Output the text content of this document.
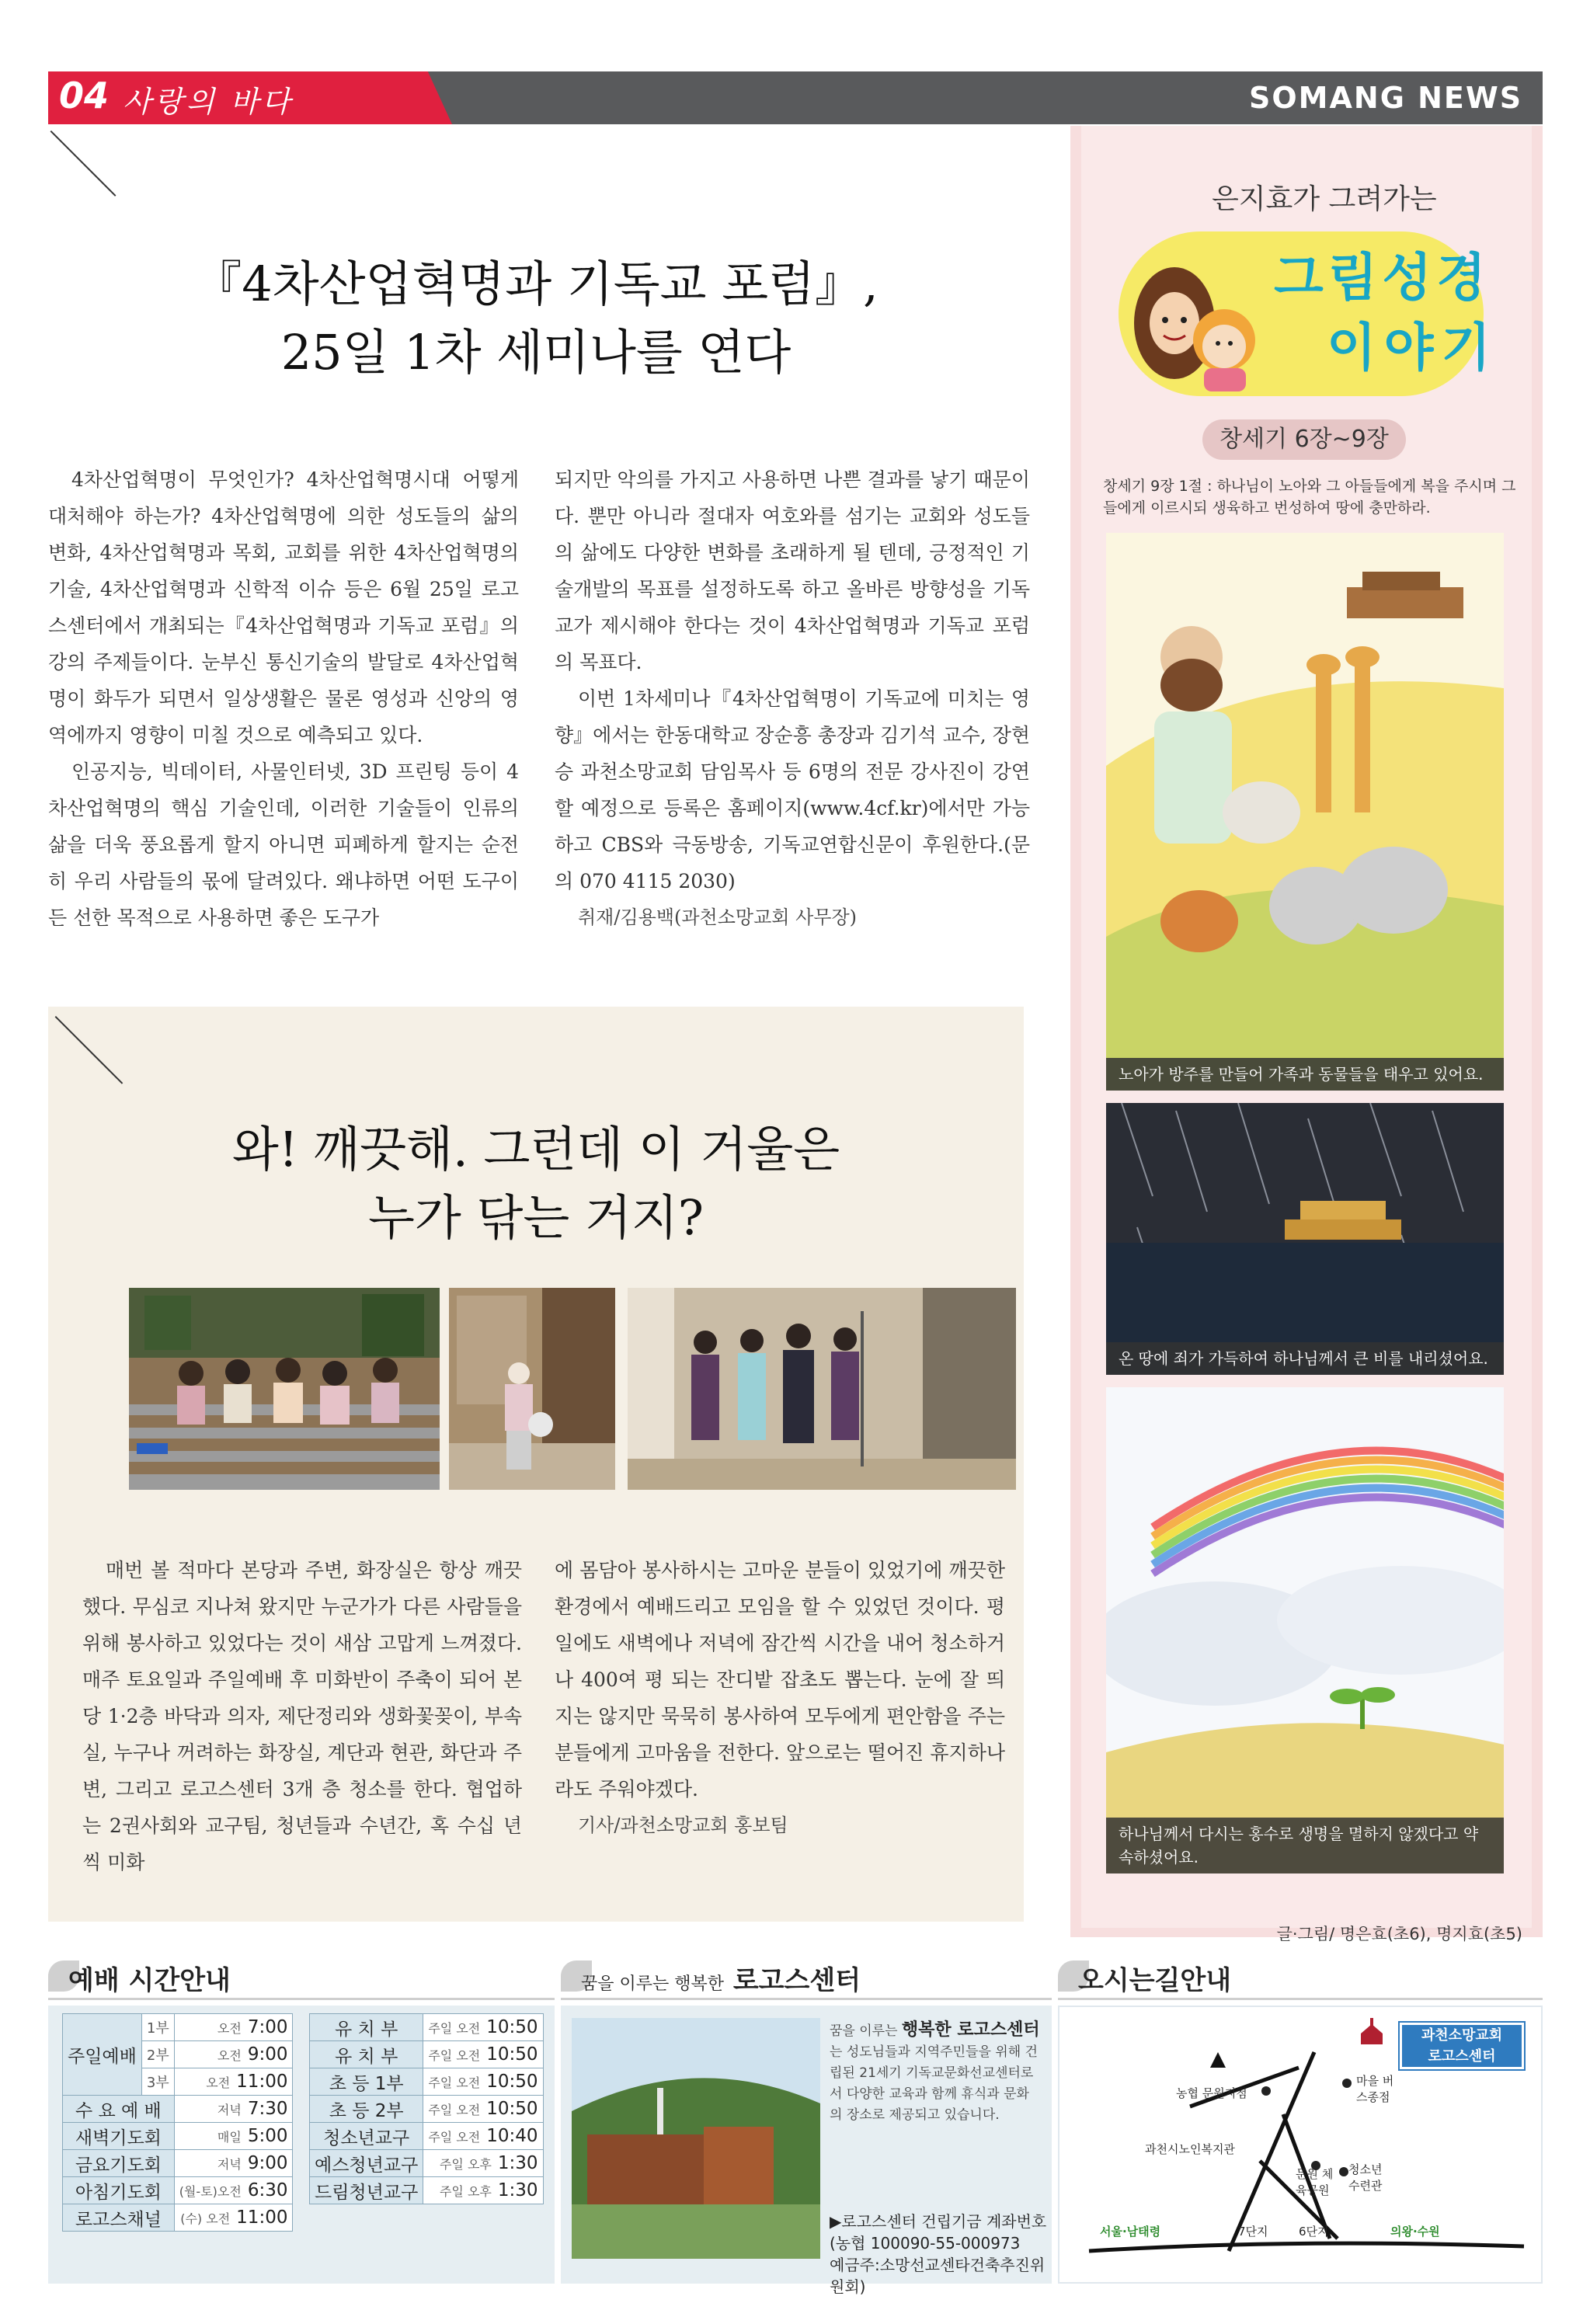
04 사랑의 바다	SOMANG NEWS
『4차산업혁명과 기독교 포럼』,
25일 1차 세미나를 연다

4차산업혁명이 무엇인가? 4차산업혁명시대 어떻게 대처해야 하는가? 4차산업혁명에 의한 성도들의 삶의 변화, 4차산업혁명과 목회, 교회를 위한 4차산업혁명의 기술, 4차산업혁명과 신학적 이슈 등은 6월 25일 로고스센터에서 개최되는『4차산업혁명과 기독교 포럼』의 강의 주제들이다. 눈부신 통신기술의 발달로 4차산업혁명이 화두가 되면서 일상생활은 물론 영성과 신앙의 영역에까지 영향이 미칠 것으로 예측되고 있다.

인공지능, 빅데이터, 사물인터넷, 3D 프린팅 등이 4차산업혁명의 핵심 기술인데, 이러한 기술들이 인류의 삶을 더욱 풍요롭게 할지 아니면 피폐하게 할지는 순전히 우리 사람들의 몫에 달려있다. 왜냐하면 어떤 도구이든 선한 목적으로 사용하면 좋은 도구가

되지만 악의를 가지고 사용하면 나쁜 결과를 낳기 때문이다. 뿐만 아니라 절대자 여호와를 섬기는 교회와 성도들의 삶에도 다양한 변화를 초래하게 될 텐데, 긍정적인 기술개발의 목표를 설정하도록 하고 올바른 방향성을 기독교가 제시해야 한다는 것이 4차산업혁명과 기독교 포럼의 목표다.

이번 1차세미나『4차산업혁명이 기독교에 미치는 영향』에서는 한동대학교 장순흥 총장과 김기석 교수, 장현승 과천소망교회 담임목사 등 6명의 전문 강사진이 강연할 예정으로 등록은 홈페이지(www.4cf.kr)에서만 가능하고 CBS와 극동방송, 기독교연합신문이 후원한다.(문의 070 4115 2030)

취재/김용백(과천소망교회 사무장)

와! 깨끗해. 그런데 이 거울은
누가 닦는 거지?

매번 볼 적마다 본당과 주변, 화장실은 항상 깨끗했다. 무심코 지나쳐 왔지만 누군가가 다른 사람들을 위해 봉사하고 있었다는 것이 새삼 고맙게 느껴졌다. 매주 토요일과 주일예배 후 미화반이 주축이 되어 본당 1·2층 바닥과 의자, 제단정리와 생화꽃꽂이, 부속실, 누구나 꺼려하는 화장실, 계단과 현관, 화단과 주변, 그리고 로고스센터 3개 층 청소를 한다. 협업하는 2권사회와 교구팀, 청년들과 수년간, 혹 수십 년씩 미화

에 몸담아 봉사하시는 고마운 분들이 있었기에 깨끗한 환경에서 예배드리고 모임을 할 수 있었던 것이다. 평일에도 새벽에나 저녁에 잠간씩 시간을 내어 청소하거나 400여 평 되는 잔디밭 잡초도 뽑는다. 눈에 잘 띄지는 않지만 묵묵히 봉사하여 모두에게 편안함을 주는 분들에게 고마움을 전한다. 앞으로는 떨어진 휴지하나라도 주워야겠다.

기사/과천소망교회 홍보팀

은지효가 그려가는
그림성경
이야기
창세기 6장~9장
창세기 9장 1절 : 하나님이 노아와 그 아들들에게 복을 주시며 그들에게 이르시되 생육하고 번성하여 땅에 충만하라.
노아가 방주를 만들어 가족과 동물들을 태우고 있어요.
온 땅에 죄가 가득하여 하나님께서 큰 비를 내리셨어요.
하나님께서 다시는 홍수로 생명을 멸하지 않겠다고 약속하셨어요.
글·그림/ 명은효(초6), 명지효(초5)
예배 시간안내
주일예배	1부	오전 7:00
	2부	오전 9:00
	3부	오전 11:00
수 요 예 배		저녁 7:30
새벽기도회		매일 5:00
금요기도회		저녁 9:00
아침기도회		(월-토)오전 6:30
로고스채널		(수) 오전 11:00
유 치 부	주일 오전 10:50
유 치 부	주일 오전 10:50
초 등 1부	주일 오전 10:50
초 등 2부	주일 오전 10:50
청소년교구	주일 오전 10:40
예스청년교구	주일 오후 1:30
드림청년교구	주일 오후 1:30
꿈을 이루는 행복한 로고스센터
꿈을 이루는 행복한 로고스센터
는 성도님들과 지역주민들을 위해 건립된 21세기 기독교문화선교센터로서 다양한 교육과 함께 휴식과 문화의 장소로 제공되고 있습니다.
▶로고스센터 건립기금 계좌번호
(농협 100090-55-000973
예금주:소망선교센타건축추진위원회)
오시는길안내
과천소망교회
로고스센터
농협 문원지점
마을 버스종점
과천시노인복지관
문원 체육공원
청소년 수련관
서울·남태령	7단지	6단지	의왕·수원
